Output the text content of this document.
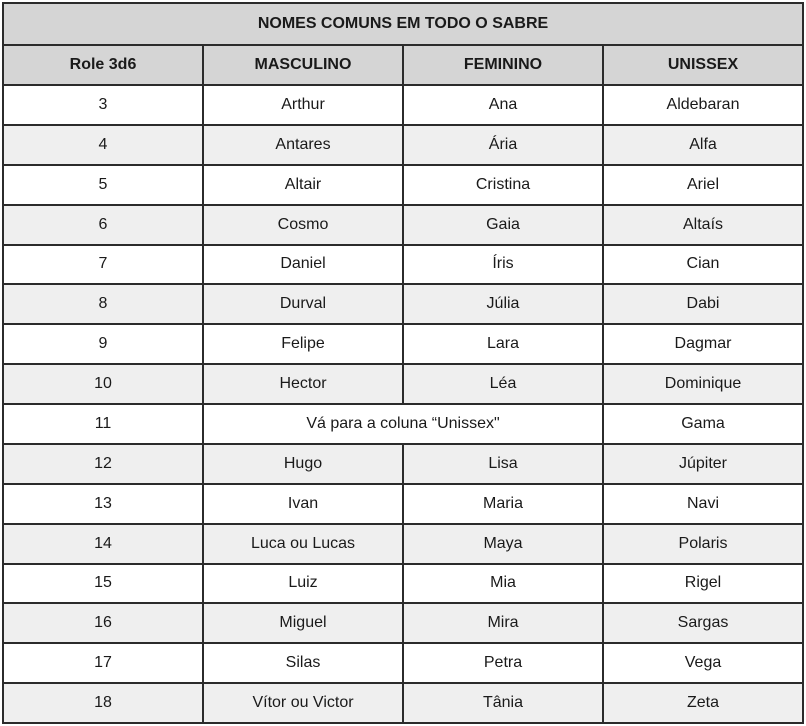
NOMES COMUNS EM TODO O SABRE			
Role 3d6	MASCULINO	FEMININO	UNISSEX
3	Arthur	Ana	Aldebaran
4	Antares	Ária	Alfa
5	Altair	Cristina	Ariel
6	Cosmo	Gaia	Altaís
7	Daniel	Íris	Cian
8	Durval	Júlia	Dabi
9	Felipe	Lara	Dagmar
10	Hector	Léa	Dominique
11	Vá para a coluna “Unissex"		Gama
12	Hugo	Lisa	Júpiter
13	Ivan	Maria	Navi
14	Luca ou Lucas	Maya	Polaris
15	Luiz	Mia	Rigel
16	Miguel	Mira	Sargas
17	Silas	Petra	Vega
18	Vítor ou Victor	Tânia	Zeta
